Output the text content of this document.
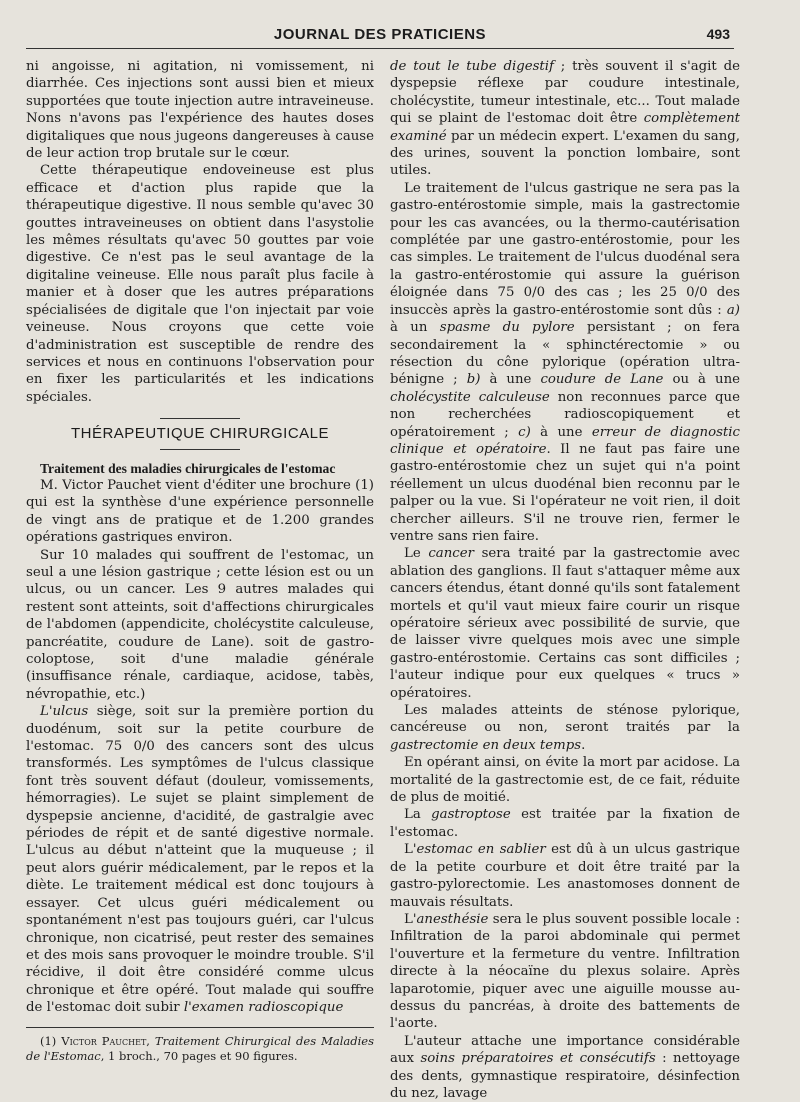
JOURNAL DES PRATICIENS	493

ni angoisse, ni agitation, ni vomissement, ni diarrhée. Ces injections sont aussi bien et mieux supportées que toute injection autre intraveineuse. Nons n'avons pas l'expérience des hautes doses digitaliques que nous jugeons dangereuses à cause de leur action trop brutale sur le cœur.

Cette thérapeutique endoveineuse est plus efficace et d'action plus rapide que la thérapeutique digestive. Il nous semble qu'avec 30 gouttes intraveineuses on obtient dans l'asystolie les mêmes résultats qu'avec 50 gouttes par voie digestive. Ce n'est pas le seul avantage de la digitaline veineuse. Elle nous paraît plus facile à manier et à doser que les autres préparations spécialisées de digitale que l'on injectait par voie veineuse. Nous croyons que cette voie d'administration est susceptible de rendre des services et nous en continuons l'observation pour en fixer les particularités et les indications spéciales.

THÉRAPEUTIQUE CHIRURGICALE

Traitement des maladies chirurgicales de l'estomac

M. Victor Pauchet vient d'éditer une brochure (1) qui est la synthèse d'une expérience personnelle de vingt ans de pratique et de 1.200 grandes opérations gastriques environ.

Sur 10 malades qui souffrent de l'estomac, un seul a une lésion gastrique ; cette lésion est ou un ulcus, ou un cancer. Les 9 autres malades qui restent sont atteints, soit d'affections chirurgicales de l'abdomen (appendicite, cholécystite calculeuse, pancréatite, coudure de Lane). soit de gastro-coloptose, soit d'une maladie générale (insuffisance rénale, cardiaque, acidose, tabès, névropathie, etc.)

L'ulcus siège, soit sur la première portion du duodénum, soit sur la petite courbure de l'estomac. 75 0/0 des cancers sont des ulcus transformés. Les symptômes de l'ulcus classique font très souvent défaut (douleur, vomissements, hémorragies). Le sujet se plaint simplement de dyspepsie ancienne, d'acidité, de gastralgie avec périodes de répit et de santé digestive normale. L'ulcus au début n'atteint que la muqueuse ; il peut alors guérir médicalement, par le repos et la diète. Le traitement médical est donc toujours à essayer. Cet ulcus guéri médicalement ou spontanément n'est pas toujours guéri, car l'ulcus chronique, non cicatrisé, peut rester des semaines et des mois sans provoquer le moindre trouble. S'il récidive, il doit être considéré comme ulcus chronique et être opéré. Tout malade qui souffre de l'estomac doit subir l'examen radioscopique

(1) Victor Pauchet, Traitement Chirurgical des Maladies de l'Estomac, 1 broch., 70 pages et 90 figures.

de tout le tube digestif ; très souvent il s'agit de dyspepsie réflexe par coudure intestinale, cholécystite, tumeur intestinale, etc... Tout malade qui se plaint de l'estomac doit être complètement examiné par un médecin expert. L'examen du sang, des urines, souvent la ponction lombaire, sont utiles.

Le traitement de l'ulcus gastrique ne sera pas la gastro-entérostomie simple, mais la gastrectomie pour les cas avancées, ou la thermo-cautérisation complétée par une gastro-entérostomie, pour les cas simples. Le traitement de l'ulcus duodénal sera la gastro-entérostomie qui assure la guérison éloignée dans 75 0/0 des cas ; les 25 0/0 des insuccès après la gastro-entérostomie sont dûs : a) à un spasme du pylore persistant ; on fera secondairement la « sphinctérectomie » ou résection du cône pylorique (opération ultra-bénigne ; b) à une coudure de Lane ou à une cholécystite calculeuse non reconnues parce que non recherchées radioscopiquement et opératoirement ; c) à une erreur de diagnostic clinique et opératoire. Il ne faut pas faire une gastro-entérostomie chez un sujet qui n'a point réellement un ulcus duodénal bien reconnu par le palper ou la vue. Si l'opérateur ne voit rien, il doit chercher ailleurs. S'il ne trouve rien, fermer le ventre sans rien faire.

Le cancer sera traité par la gastrectomie avec ablation des ganglions. Il faut s'attaquer même aux cancers étendus, étant donné qu'ils sont fatalement mortels et qu'il vaut mieux faire courir un risque opératoire sérieux avec possibilité de survie, que de laisser vivre quelques mois avec une simple gastro-entérostomie. Certains cas sont difficiles ; l'auteur indique pour eux quelques « trucs » opératoires.

Les malades atteints de sténose pylorique, cancéreuse ou non, seront traités par la gastrectomie en deux temps.

En opérant ainsi, on évite la mort par acidose. La mortalité de la gastrectomie est, de ce fait, réduite de plus de moitié.

La gastroptose est traitée par la fixation de l'estomac.

L'estomac en sablier est dû à un ulcus gastrique de la petite courbure et doit être traité par la gastro-pylorectomie. Les anastomoses donnent de mauvais résultats.

L'anesthésie sera le plus souvent possible locale : Infiltration de la paroi abdominale qui permet l'ouverture et la fermeture du ventre. Infiltration directe à la néocaïne du plexus solaire. Après laparotomie, piquer avec une aiguille mousse au-dessus du pancréas, à droite des battements de l'aorte.

L'auteur attache une importance considérable aux soins préparatoires et consécutifs : nettoyage des dents, gymnastique respiratoire, désinfection du nez, lavage
